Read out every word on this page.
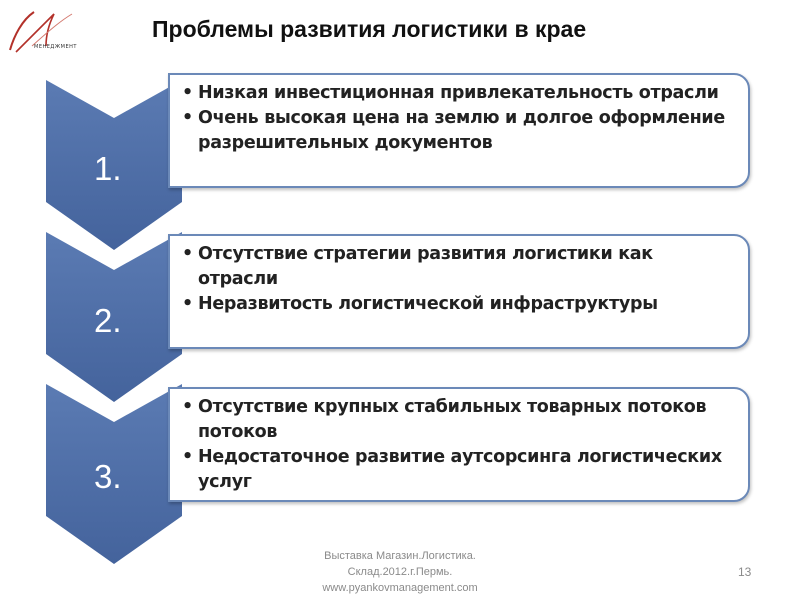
МЕНЕДЖМЕНТ
Проблемы развития логистики в крае
1.
• Низкая инвестиционная привлекательность отрасли
• Очень высокая цена на землю и долгое оформление разрешительных документов
2.
• Отсутствие стратегии развития логистики как отрасли
• Неразвитость логистической инфраструктуры
3.
• Отсутствие крупных стабильных товарных потоков потоков
• Недостаточное развитие аутсорсинга логистических услуг
Выставка Магазин.Логистика.
Склад.2012.г.Пермь.
www.pyankovmanagement.com
13
